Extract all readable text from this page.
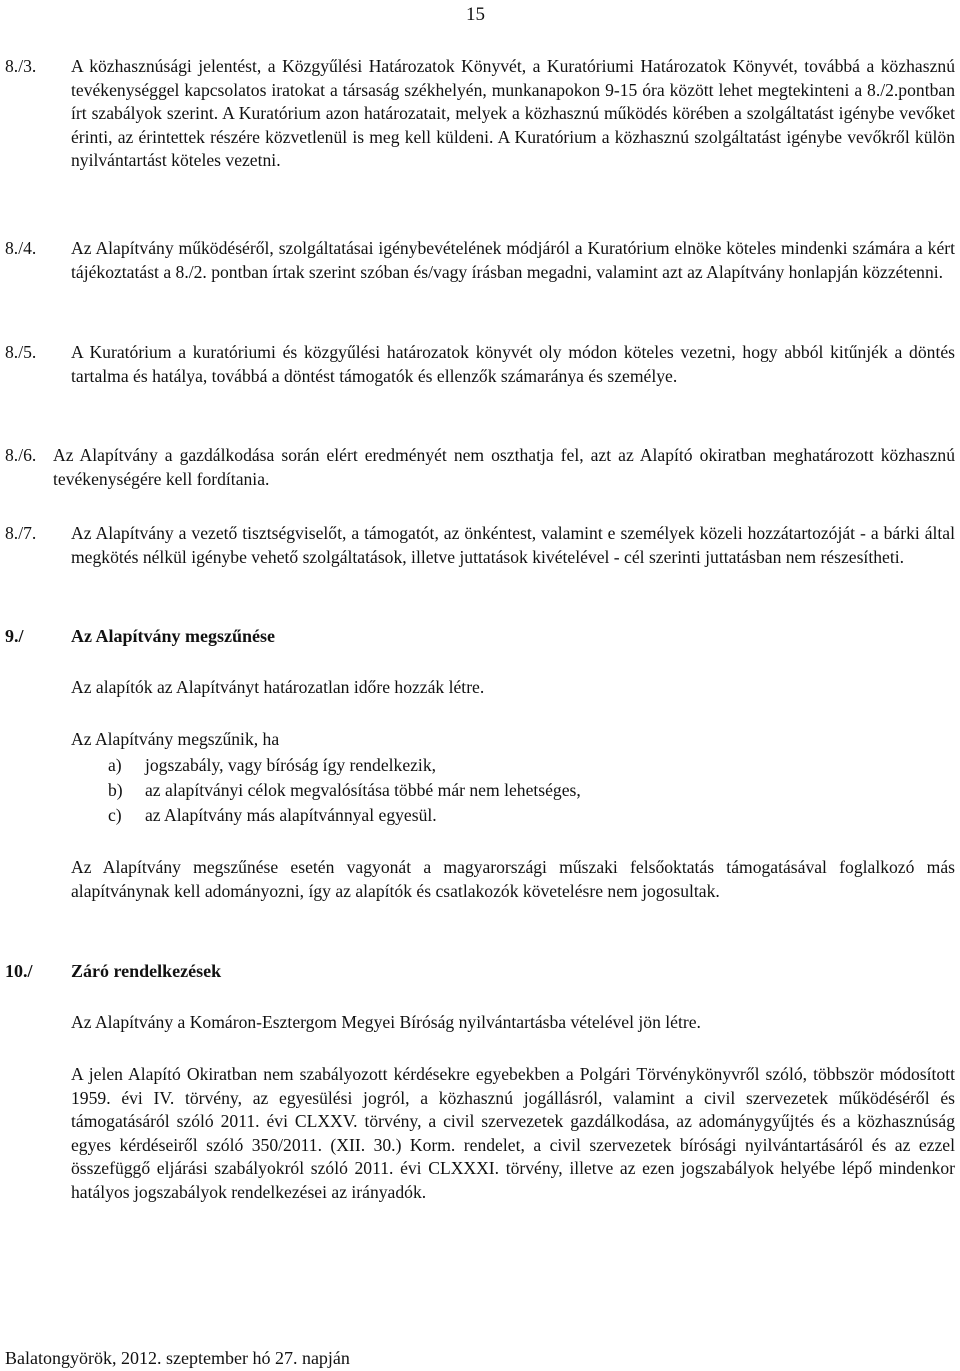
15
8./3. A közhasznúsági jelentést, a Közgyűlési Határozatok Könyvét, a Kuratóriumi Határozatok Könyvét, továbbá a közhasznú tevékenységgel kapcsolatos iratokat a társaság székhelyén, munkanapokon 9-15 óra között lehet megtekinteni a 8./2.pontban írt szabályok szerint. A Kuratórium azon határozatait, melyek a közhasznú működés körében a szolgáltatást igénybe vevőket érinti, az érintettek részére közvetlenül is meg kell küldeni. A Kuratórium a közhasznú szolgáltatást igénybe vevőkről külön nyilvántartást köteles vezetni.
8./4. Az Alapítvány működéséről, szolgáltatásai igénybevételének módjáról a Kuratórium elnöke köteles mindenki számára a kért tájékoztatást a 8./2. pontban írtak szerint szóban és/vagy írásban megadni, valamint azt az Alapítvány honlapján közzétenni.
8./5. A Kuratórium a kuratóriumi és közgyűlési határozatok könyvét oly módon köteles vezetni, hogy abból kitűnjék a döntés tartalma és hatálya, továbbá a döntést támogatók és ellenzők számaránya és személye.
8./6. Az Alapítvány a gazdálkodása során elért eredményét nem oszthatja fel, azt az Alapító okiratban meghatározott közhasznú tevékenységére kell fordítania.
8./7. Az Alapítvány a vezető tisztségviselőt, a támogatót, az önkéntest, valamint e személyek közeli hozzátartozóját - a bárki által megkötés nélkül igénybe vehető szolgáltatások, illetve juttatások kivételével - cél szerinti juttatásban nem részesítheti.
9./	Az Alapítvány megszűnése
Az alapítók az Alapítványt határozatlan időre hozzák létre.
Az Alapítvány megszűnik, ha
a) jogszabály, vagy bíróság így rendelkezik,
b) az alapítványi célok megvalósítása többé már nem lehetséges,
c) az Alapítvány más alapítvánnyal egyesül.
Az Alapítvány megszűnése esetén vagyonát a magyarországi műszaki felsőoktatás támogatásával foglalkozó más alapítványnak kell adományozni, így az alapítók és csatlakozók követelésre nem jogosultak.
10./ Záró rendelkezések
Az Alapítvány a Komáron-Esztergom Megyei Bíróság nyilvántartásba vételével jön létre.
A jelen Alapító Okiratban nem szabályozott kérdésekre egyebekben a Polgári Törvénykönyvről szóló, többször módosított 1959. évi IV. törvény, az egyesülési jogról, a közhasznú jogállásról, valamint a civil szervezetek működéséről és támogatásáról szóló 2011. évi CLXXV. törvény, a civil szervezetek gazdálkodása, az adománygyűjtés és a közhasznúság egyes kérdéseiről szóló 350/2011. (XII. 30.) Korm. rendelet, a civil szervezetek bírósági nyilvántartásáról és az ezzel összefüggő eljárási szabályokról szóló 2011. évi CLXXXI. törvény, illetve az ezen jogszabályok helyébe lépő mindenkor hatályos jogszabályok rendelkezései az irányadók.
Balatongyörök, 2012. szeptember hó 27. napján
